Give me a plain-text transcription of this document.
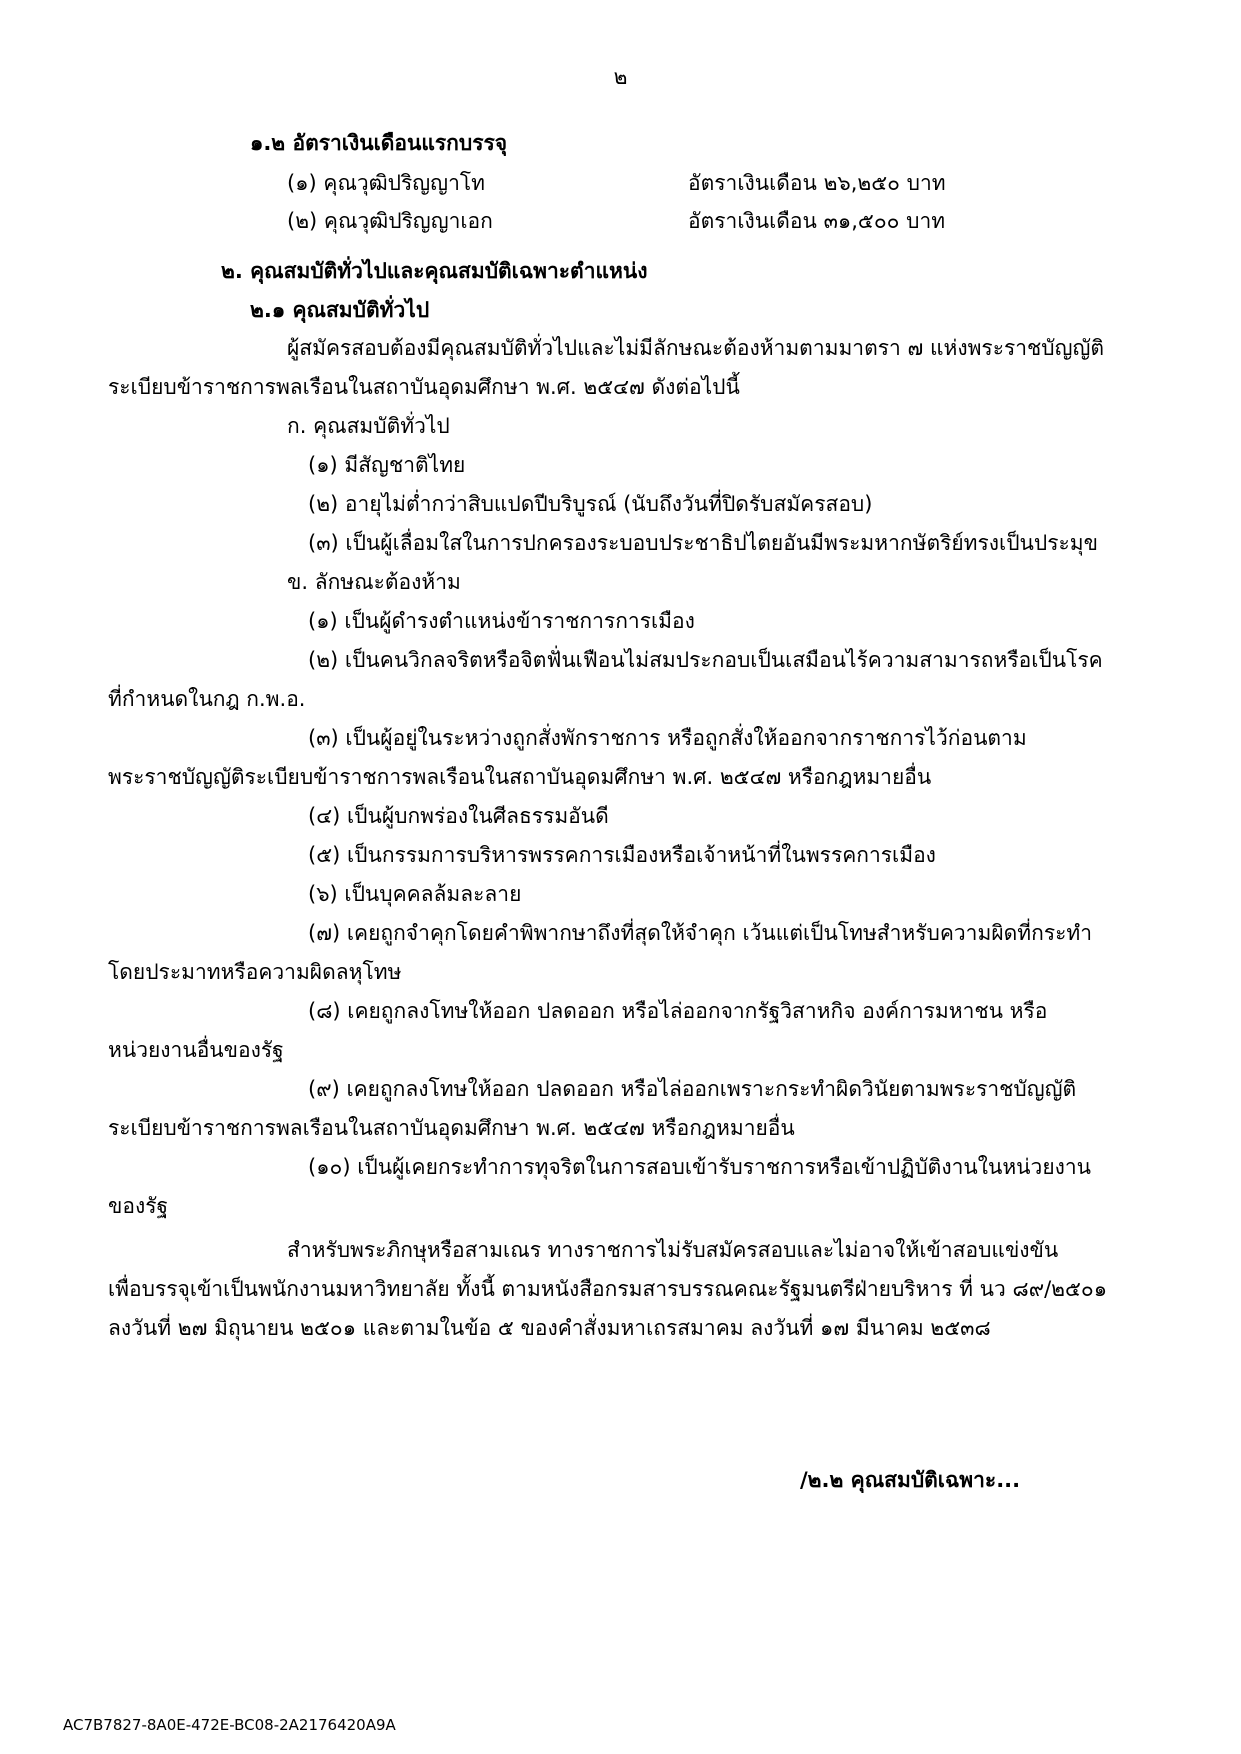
๒
๑.๒ อัตราเงินเดือนแรกบรรจุ
(๑) คุณวุฒิปริญญาโท	อัตราเงินเดือน ๒๖,๒๕๐ บาท
(๒) คุณวุฒิปริญญาเอก	อัตราเงินเดือน ๓๑,๕๐๐ บาท
๒. คุณสมบัติทั่วไปและคุณสมบัติเฉพาะตำแหน่ง
๒.๑ คุณสมบัติทั่วไป
ผู้สมัครสอบต้องมีคุณสมบัติทั่วไปและไม่มีลักษณะต้องห้ามตามมาตรา ๗ แห่งพระราชบัญญัติ
ระเบียบข้าราชการพลเรือนในสถาบันอุดมศึกษา พ.ศ. ๒๕๔๗ ดังต่อไปนี้
ก. คุณสมบัติทั่วไป
(๑) มีสัญชาติไทย
(๒) อายุไม่ต่ำกว่าสิบแปดปีบริบูรณ์ (นับถึงวันที่ปิดรับสมัครสอบ)
(๓) เป็นผู้เลื่อมใสในการปกครองระบอบประชาธิปไตยอันมีพระมหากษัตริย์ทรงเป็นประมุข
ข. ลักษณะต้องห้าม
(๑) เป็นผู้ดำรงตำแหน่งข้าราชการการเมือง
(๒) เป็นคนวิกลจริตหรือจิตฟั่นเฟือนไม่สมประกอบเป็นเสมือนไร้ความสามารถหรือเป็นโรค
ที่กำหนดในกฎ ก.พ.อ.
(๓) เป็นผู้อยู่ในระหว่างถูกสั่งพักราชการ หรือถูกสั่งให้ออกจากราชการไว้ก่อนตาม
พระราชบัญญัติระเบียบข้าราชการพลเรือนในสถาบันอุดมศึกษา พ.ศ. ๒๕๔๗ หรือกฎหมายอื่น
(๔) เป็นผู้บกพร่องในศีลธรรมอันดี
(๕) เป็นกรรมการบริหารพรรคการเมืองหรือเจ้าหน้าที่ในพรรคการเมือง
(๖) เป็นบุคคลล้มละลาย
(๗) เคยถูกจำคุกโดยคำพิพากษาถึงที่สุดให้จำคุก เว้นแต่เป็นโทษสำหรับความผิดที่กระทำ
โดยประมาทหรือความผิดลหุโทษ
(๘) เคยถูกลงโทษให้ออก ปลดออก หรือไล่ออกจากรัฐวิสาหกิจ องค์การมหาชน หรือ
หน่วยงานอื่นของรัฐ
(๙) เคยถูกลงโทษให้ออก ปลดออก หรือไล่ออกเพราะกระทำผิดวินัยตามพระราชบัญญัติ
ระเบียบข้าราชการพลเรือนในสถาบันอุดมศึกษา พ.ศ. ๒๕๔๗ หรือกฎหมายอื่น
(๑๐) เป็นผู้เคยกระทำการทุจริตในการสอบเข้ารับราชการหรือเข้าปฏิบัติงานในหน่วยงาน
ของรัฐ
สำหรับพระภิกษุหรือสามเณร ทางราชการไม่รับสมัครสอบและไม่อาจให้เข้าสอบแข่งขัน
เพื่อบรรจุเข้าเป็นพนักงานมหาวิทยาลัย ทั้งนี้ ตามหนังสือกรมสารบรรณคณะรัฐมนตรีฝ่ายบริหาร ที่ นว ๘๙/๒๕๐๑
ลงวันที่ ๒๗ มิถุนายน ๒๕๐๑ และตามในข้อ ๕ ของคำสั่งมหาเถรสมาคม ลงวันที่ ๑๗ มีนาคม ๒๕๓๘
/๒.๒ คุณสมบัติเฉพาะ...
AC7B7827-8A0E-472E-BC08-2A2176420A9A
